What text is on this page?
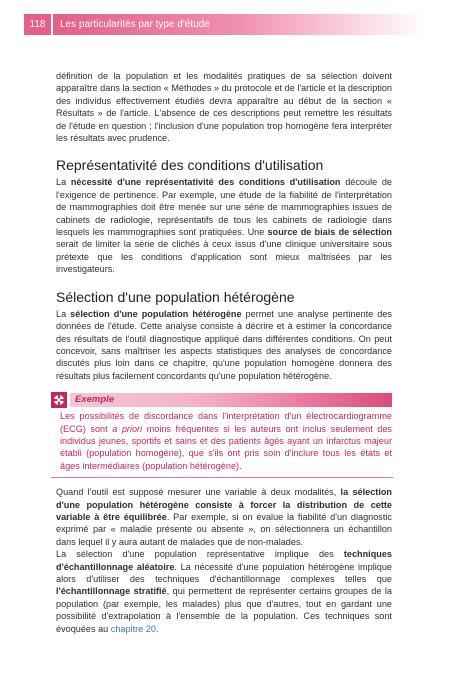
118	Les particularités par type d'étude

définition de la population et les modalités pratiques de sa sélection doivent apparaître dans la section « Méthodes » du protocole et de l'article et la description des individus effectivement étudiés devra apparaître au début de la section « Résultats » de l'article. L'absence de ces descriptions peut remettre les résultats de l'étude en question ; l'inclusion d'une population trop homogène fera interpréter les résultats avec prudence.

Représentativité des conditions d'utilisation

La nécessité d'une représentativité des conditions d'utilisation découle de l'exigence de pertinence. Par exemple, une étude de la fiabilité de l'interprétation de mammographies doit être menée sur une série de mammographies issues de cabinets de radiologie, représentatifs de tous les cabinets de radiologie dans lesquels les mammographies sont pratiquées. Une source de biais de sélection serait de limiter la série de clichés à ceux issus d'une clinique universitaire sous prétexte que les conditions d'application sont mieux maîtrisées par les investigateurs.

Sélection d'une population hétérogène

La sélection d'une population hétérogène permet une analyse pertinente des données de l'étude. Cette analyse consiste à décrire et à estimer la concordance des résultats de l'outil diagnostique appliqué dans différentes conditions. On peut concevoir, sans maîtriser les aspects statistiques des analyses de concordance discutés plus loin dans ce chapitre, qu'une population homogène donnera des résultats plus facilement concordants qu'une population hétérogène.

Exemple

Les possibilités de discordance dans l'interprétation d'un électrocardiogramme (ECG) sont a priori moins fréquentes si les auteurs ont inclus seulement des individus jeunes, sportifs et sains et des patients âgés ayant un infarctus majeur établi (population homogène), que s'ils ont pris soin d'inclure tous les états et âges intermédiaires (population hétérogène).

Quand l'outil est supposé mesurer une variable à deux modalités, la sélection d'une population hétérogène consiste à forcer la distribution de cette variable à être équilibrée. Par exemple, si on évalue la fiabilité d'un diagnostic exprimé par « maladie présente ou absente », on sélectionnera un échantillon dans lequel il y aura autant de malades que de non-malades.

La sélection d'une population représentative implique des techniques d'échantillonnage aléatoire. La nécessité d'une population hétérogène implique alors d'utiliser des techniques d'échantillonnage complexes telles que l'échantillonnage stratifié, qui permettent de représenter certains groupes de la population (par exemple, les malades) plus que d'autres, tout en gardant une possibilité d'extrapolation à l'ensemble de la population. Ces techniques sont évoquées au chapitre 20.
